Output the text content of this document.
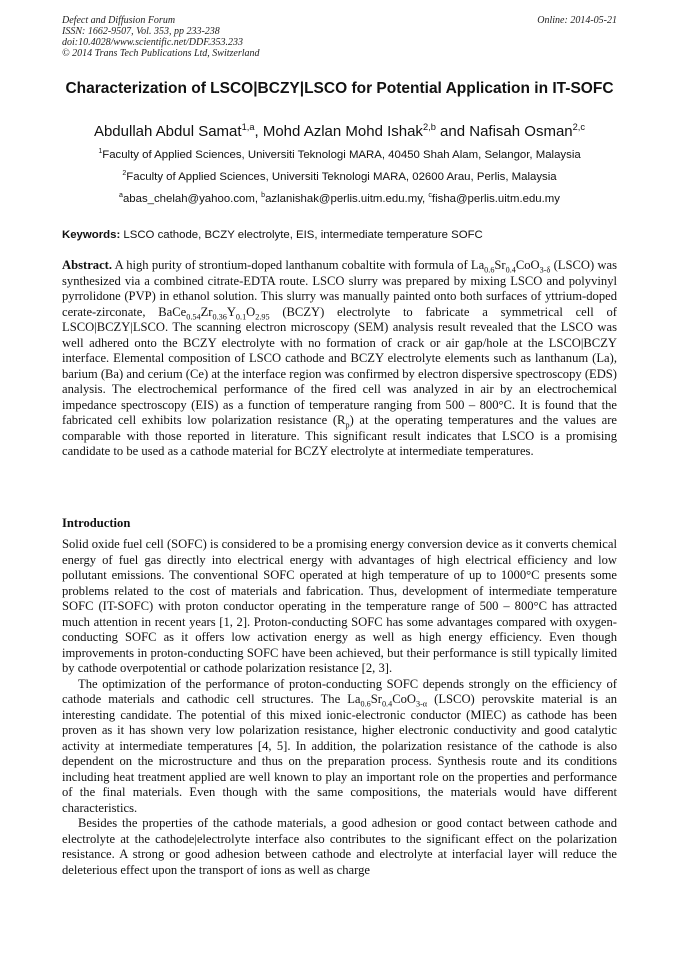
Defect and Diffusion Forum
ISSN: 1662-9507, Vol. 353, pp 233-238
doi:10.4028/www.scientific.net/DDF.353.233
© 2014 Trans Tech Publications Ltd, Switzerland
Online: 2014-05-21
Characterization of LSCO|BCZY|LSCO for Potential Application in IT-SOFC
Abdullah Abdul Samat$^{1,a}$, Mohd Azlan Mohd Ishak$^{2,b}$ and Nafisah Osman$^{2,c}$
$^1$Faculty of Applied Sciences, Universiti Teknologi MARA, 40450 Shah Alam, Selangor, Malaysia
$^2$Faculty of Applied Sciences, Universiti Teknologi MARA, 02600 Arau, Perlis, Malaysia
$^a$abas_chelah@yahoo.com, $^b$azlanishak@perlis.uitm.edu.my, $^c$fisha@perlis.uitm.edu.my
Keywords: LSCO cathode, BCZY electrolyte, EIS, intermediate temperature SOFC

Abstract. A high purity of strontium-doped lanthanum cobaltite with formula of $La_{0.6}Sr_{0.4}CoO_{3-\delta}$ (LSCO) was synthesized via a combined citrate-EDTA route. LSCO slurry was prepared by mixing LSCO and polyvinyl pyrrolidone (PVP) in ethanol solution. This slurry was manually painted onto both surfaces of yttrium-doped cerate-zirconate, $BaCe_{0.54}Zr_{0.36}Y_{0.1}O_{2.95}$ (BCZY) electrolyte to fabricate a symmetrical cell of LSCO|BCZY|LSCO. The scanning electron microscopy (SEM) analysis result revealed that the LSCO was well adhered onto the BCZY electrolyte with no formation of crack or air gap/hole at the LSCO|BCZY interface. Elemental composition of LSCO cathode and BCZY electrolyte elements such as lanthanum (La), barium (Ba) and cerium (Ce) at the interface region was confirmed by electron dispersive spectroscopy (EDS) analysis. The electrochemical performance of the fired cell was analyzed in air by an electrochemical impedance spectroscopy (EIS) as a function of temperature ranging from 500 – 800°C. It is found that the fabricated cell exhibits low polarization resistance $(R_p)$ at the operating temperatures and the values are comparable with those reported in literature. This significant result indicates that LSCO is a promising candidate to be used as a cathode material for BCZY electrolyte at intermediate temperatures.

Introduction

Solid oxide fuel cell (SOFC) is considered to be a promising energy conversion device as it converts chemical energy of fuel gas directly into electrical energy with advantages of high electrical efficiency and low pollutant emissions. The conventional SOFC operated at high temperature of up to 1000°C presents some problems related to the cost of materials and fabrication. Thus, development of intermediate temperature SOFC (IT-SOFC) with proton conductor operating in the temperature range of 500 – 800°C has attracted much attention in recent years [1, 2]. Proton-conducting SOFC has some advantages compared with oxygen-conducting SOFC as it offers low activation energy as well as high energy efficiency. Even though improvements in proton-conducting SOFC have been achieved, but their performance is still typically limited by cathode overpotential or cathode polarization resistance [2, 3].

The optimization of the performance of proton-conducting SOFC depends strongly on the efficiency of cathode materials and cathodic cell structures. The $La_{0.6}Sr_{0.4}CoO_{3-\alpha}$ (LSCO) perovskite material is an interesting candidate. The potential of this mixed ionic-electronic conductor (MIEC) as cathode has been proven as it has shown very low polarization resistance, higher electronic conductivity and good catalytic activity at intermediate temperatures [4, 5]. In addition, the polarization resistance of the cathode is also dependent on the microstructure and thus on the preparation process. Synthesis route and its conditions including heat treatment applied are well known to play an important role on the properties and performance of the final materials. Even though with the same compositions, the materials would have different characteristics.

Besides the properties of the cathode materials, a good adhesion or good contact between cathode and electrolyte at the cathode|electrolyte interface also contributes to the significant effect on the polarization resistance. A strong or good adhesion between cathode and electrolyte at interfacial layer will reduce the deleterious effect upon the transport of ions as well as charge
